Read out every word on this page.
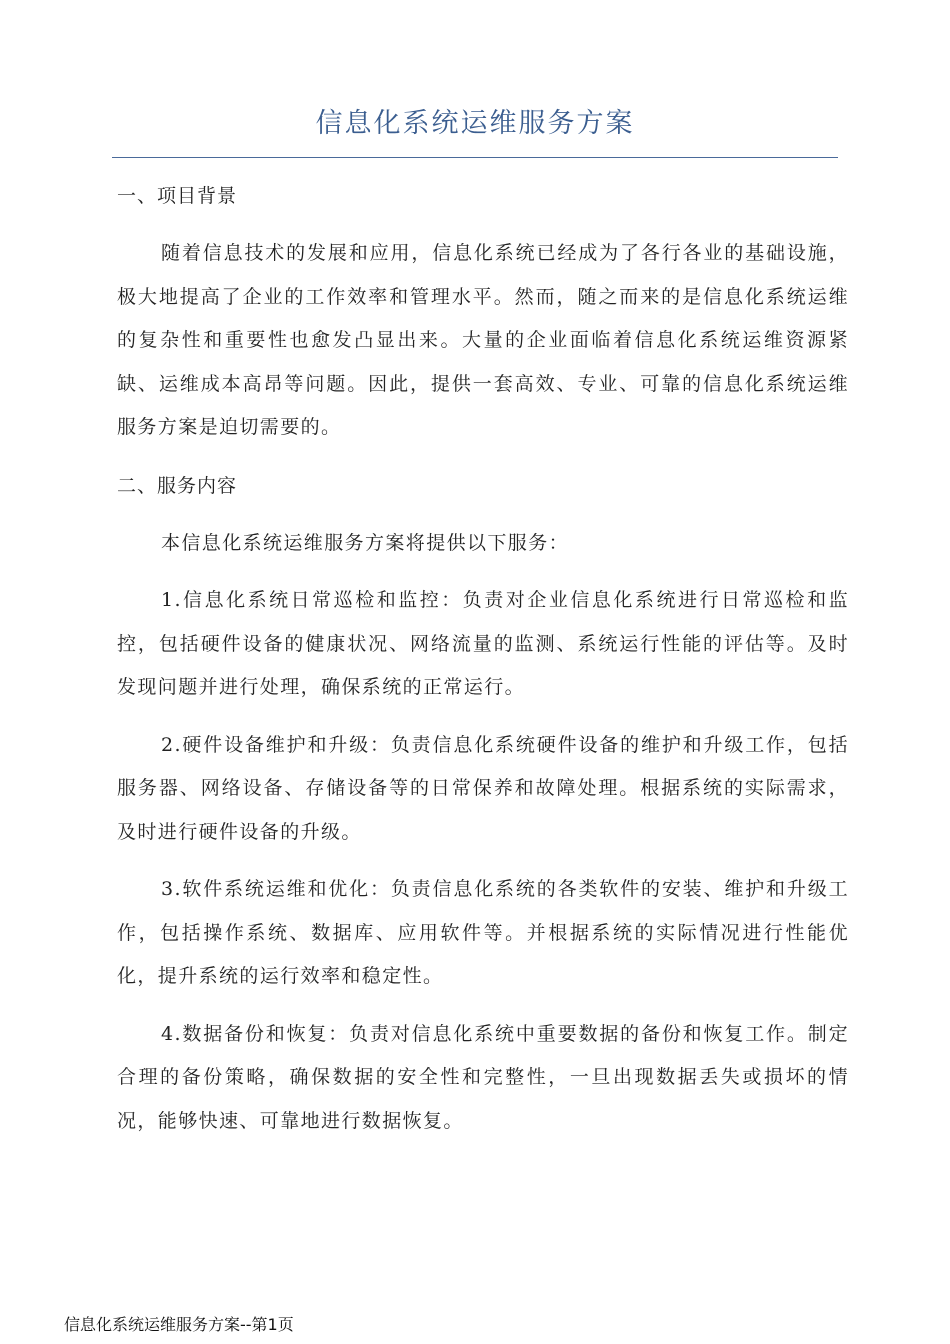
信息化系统运维服务方案
一、项目背景

随着信息技术的发展和应用，信息化系统已经成为了各行各业的基础设施，极大地提高了企业的工作效率和管理水平。然而，随之而来的是信息化系统运维的复杂性和重要性也愈发凸显出来。大量的企业面临着信息化系统运维资源紧缺、运维成本高昂等问题。因此，提供一套高效、专业、可靠的信息化系统运维服务方案是迫切需要的。

二、服务内容

本信息化系统运维服务方案将提供以下服务：

1.信息化系统日常巡检和监控：负责对企业信息化系统进行日常巡检和监控，包括硬件设备的健康状况、网络流量的监测、系统运行性能的评估等。及时发现问题并进行处理，确保系统的正常运行。

2.硬件设备维护和升级：负责信息化系统硬件设备的维护和升级工作，包括服务器、网络设备、存储设备等的日常保养和故障处理。根据系统的实际需求，及时进行硬件设备的升级。

3.软件系统运维和优化：负责信息化系统的各类软件的安装、维护和升级工作，包括操作系统、数据库、应用软件等。并根据系统的实际情况进行性能优化，提升系统的运行效率和稳定性。

4.数据备份和恢复：负责对信息化系统中重要数据的备份和恢复工作。制定合理的备份策略，确保数据的安全性和完整性，一旦出现数据丢失或损坏的情况，能够快速、可靠地进行数据恢复。

信息化系统运维服务方案--第1页
